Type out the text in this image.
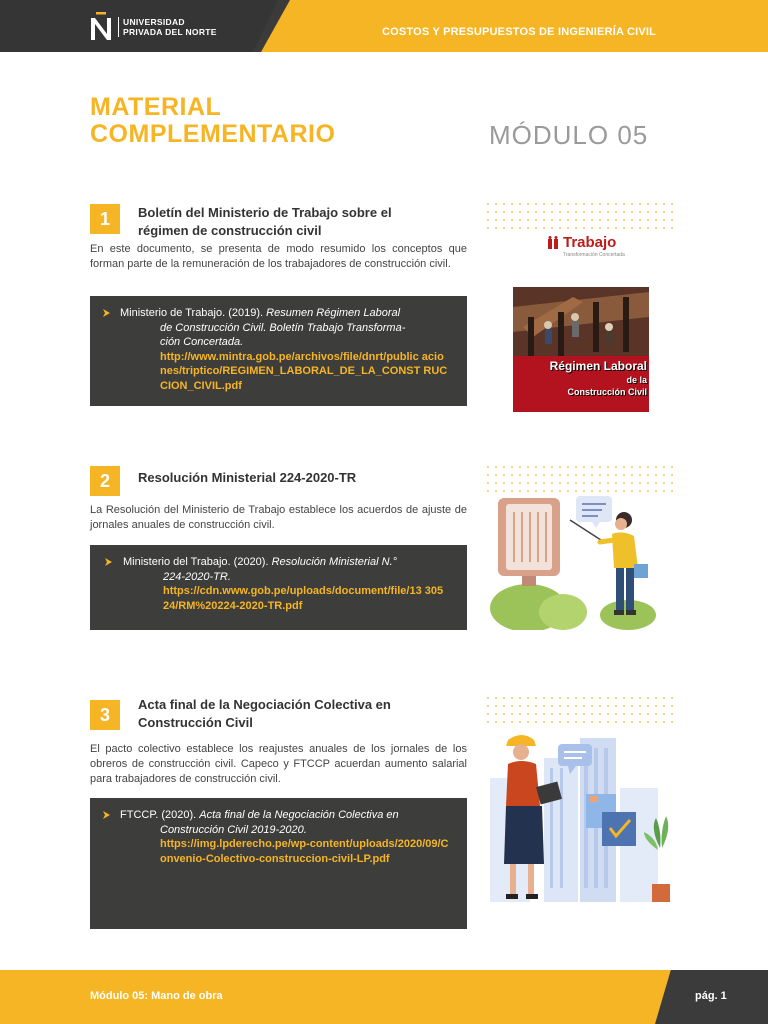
UNIVERSIDAD
PRIVADA DEL NORTE	COSTOS Y PRESUPUESTOS DE INGENIERÍA CIVIL
MATERIAL
COMPLEMENTARIO	MÓDULO 05
1	Boletín del Ministerio de Trabajo sobre el régimen de construcción civil
En este documento, se presenta de modo resumido los conceptos que forman parte de la remuneración de los trabajadores de construcción civil.
Ministerio de Trabajo. (2019). Resumen Régimen Laboral
de Construcción Civil. Boletín Trabajo Transforma-
ción Concertada.
http://www.mintra.gob.pe/archivos/file/dnrt/public aciones/triptico/REGIMEN_LABORAL_DE_LA_CONST RUCCION_CIVIL.pdf
2	Resolución Ministerial 224-2020-TR
La Resolución del Ministerio de Trabajo establece los acuerdos de ajuste de jornales anuales de construcción civil.
Ministerio del Trabajo. (2020). Resolución Ministerial N.°
224-2020-TR.
https://cdn.www.gob.pe/uploads/document/file/13 30524/RM%20224-2020-TR.pdf
3
Acta final de la Negociación Colectiva en Construcción Civil
El pacto colectivo establece los reajustes anuales de los jornales de los obreros de construcción civil. Capeco y FTCCP acuerdan aumento salarial para trabajadores de construcción civil.
FTCCP. (2020). Acta final de la Negociación Colectiva en
Construcción Civil 2019-2020.
https://img.lpderecho.pe/wp-content/uploads/2020/09/Convenio-Colectivo-construccion-civil-LP.pdf
Trabajo
Transformación Concertada
Régimen Laboral
de la
Construcción Civil
Módulo 05: Mano de obra	pág. 1
